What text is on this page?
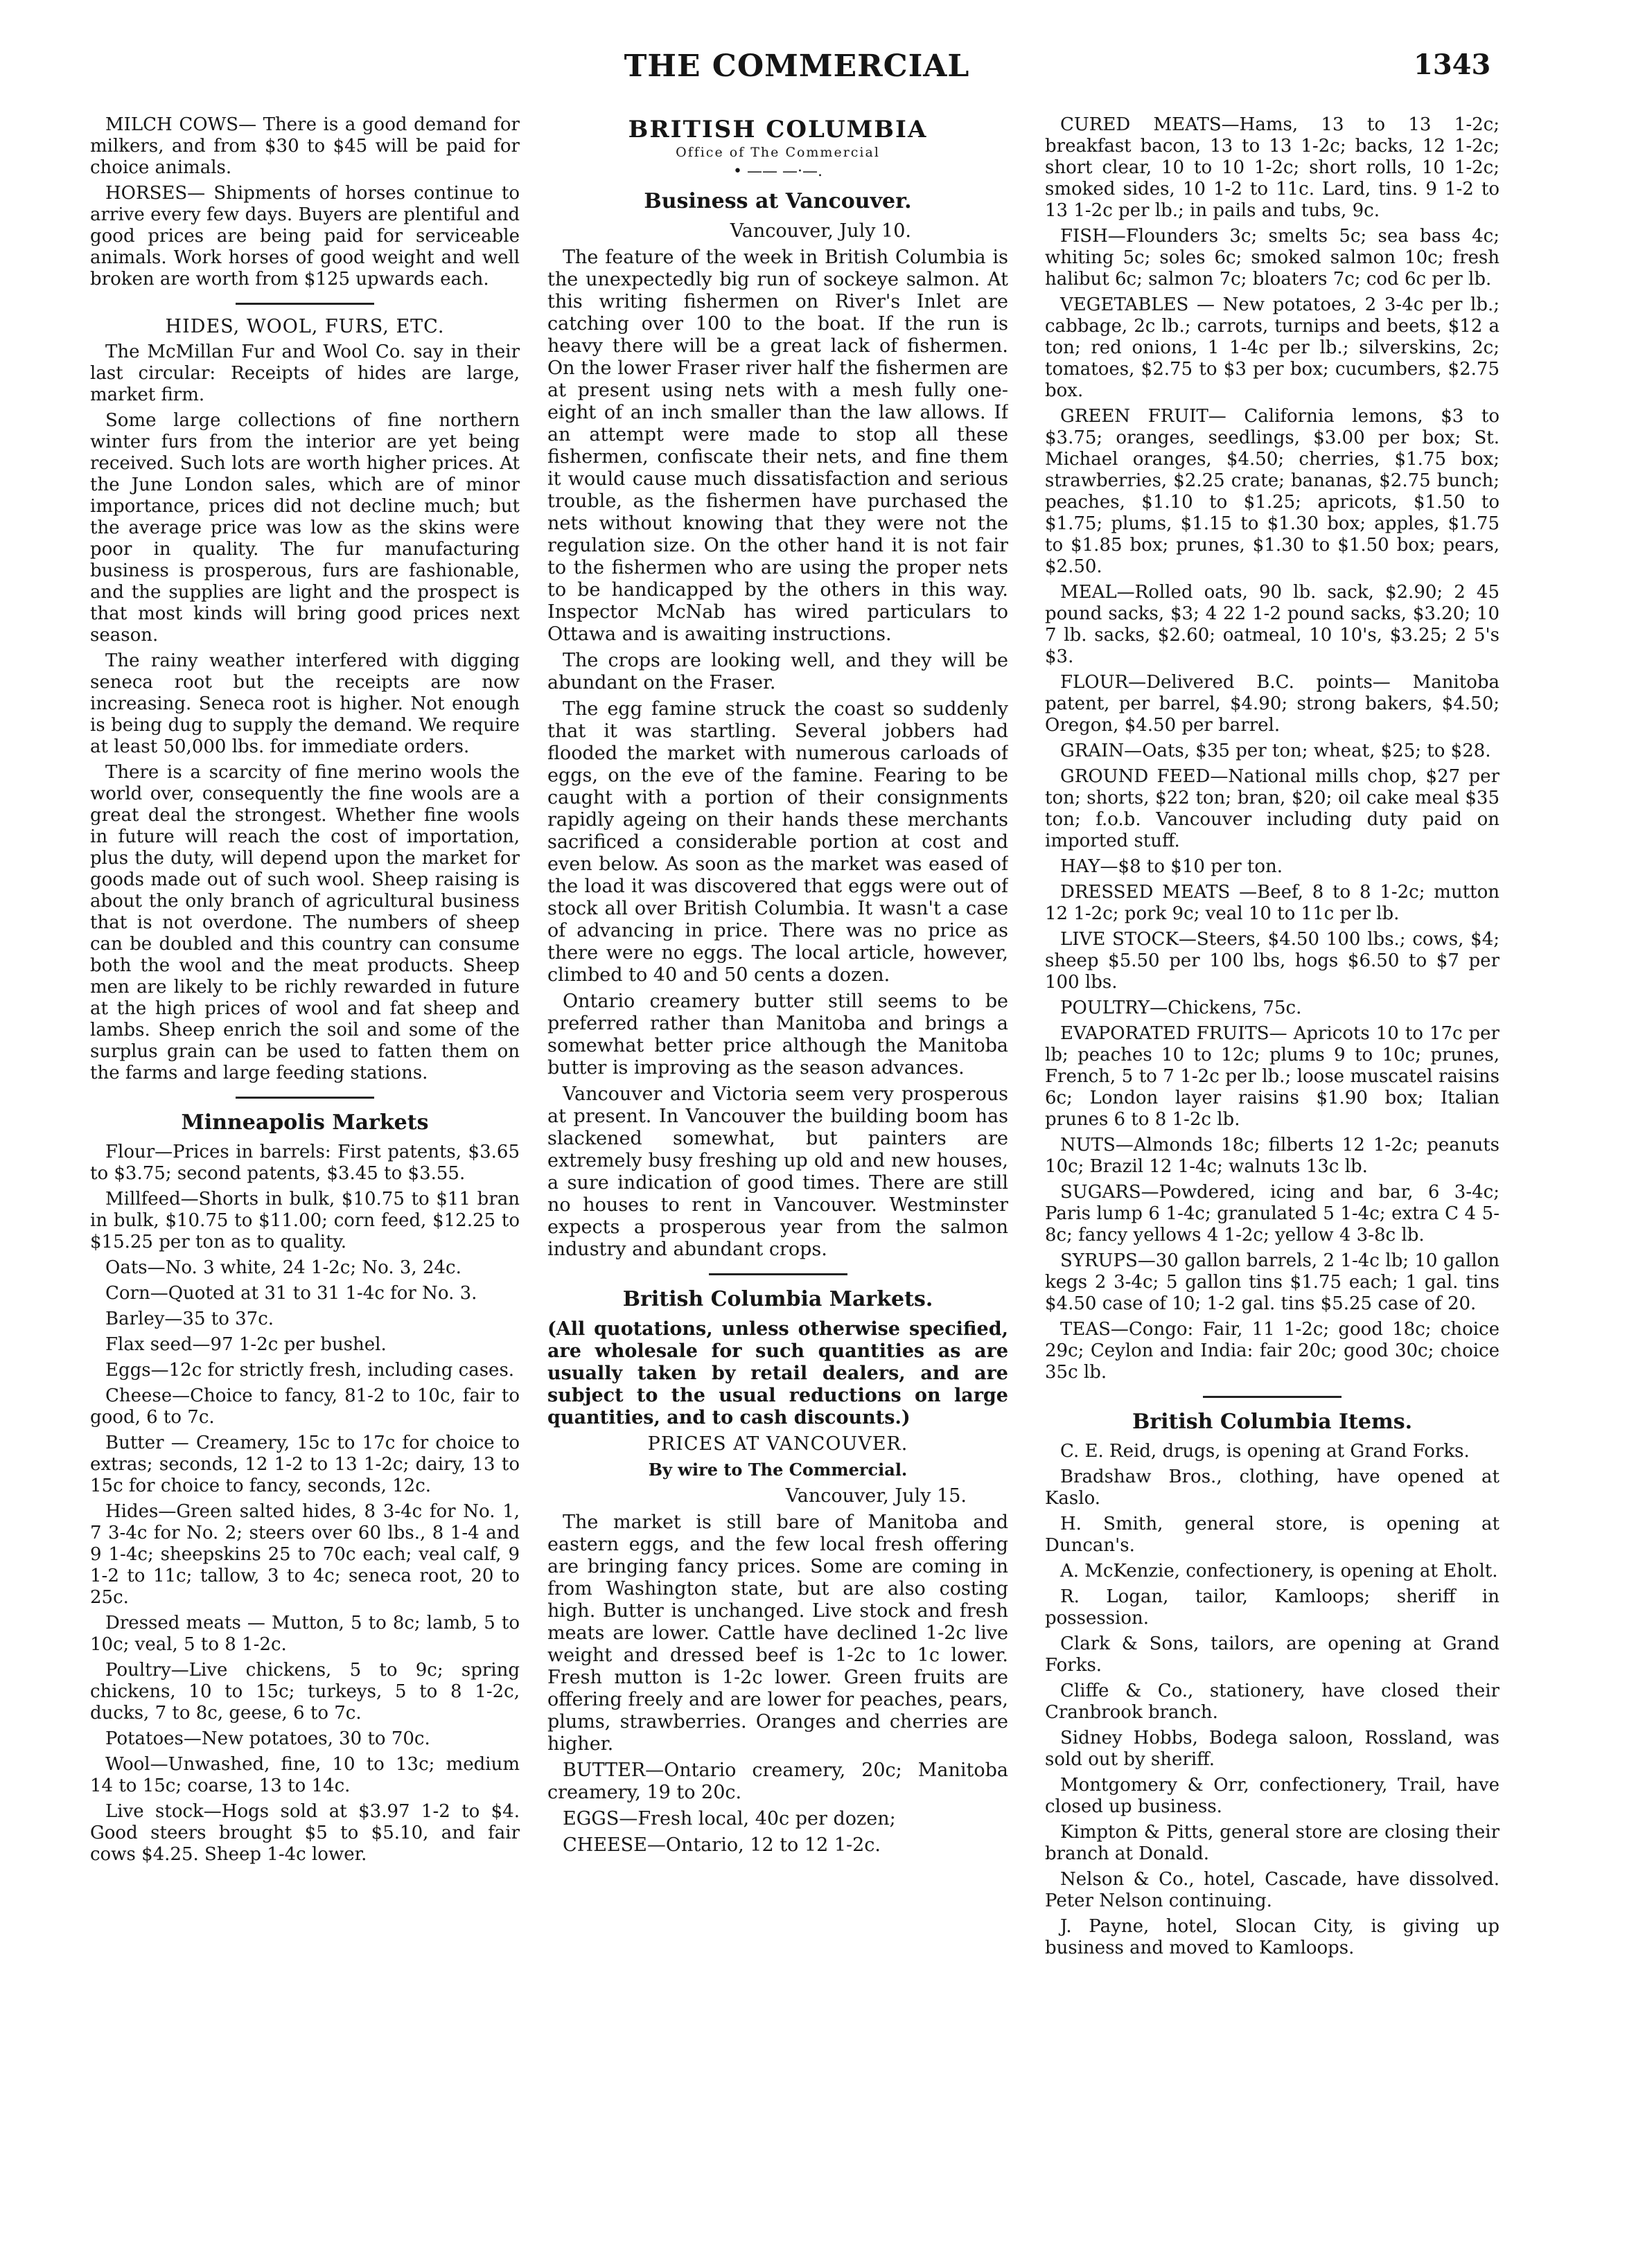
THE COMMERCIAL	1343

MILCH COWS— There is a good demand for milkers, and from $30 to $45 will be paid for choice animals.

HORSES— Shipments of horses continue to arrive every few days. Buyers are plentiful and good prices are being paid for serviceable animals. Work horses of good weight and well broken are worth from $125 upwards each.

HIDES, WOOL, FURS, ETC.

The McMillan Fur and Wool Co. say in their last circular: Receipts of hides are large, market firm.

Some large collections of fine northern winter furs from the interior are yet being received. Such lots are worth higher prices. At the June London sales, which are of minor importance, prices did not decline much; but the average price was low as the skins were poor in quality. The fur manufacturing business is prosperous, furs are fashionable, and the supplies are light and the prospect is that most kinds will bring good prices next season.

The rainy weather interfered with digging seneca root but the receipts are now increasing. Seneca root is higher. Not enough is being dug to supply the demand. We require at least 50,000 lbs. for immediate orders.

There is a scarcity of fine merino wools the world over, consequently the fine wools are a great deal the strongest. Whether fine wools in future will reach the cost of importation, plus the duty, will depend upon the market for goods made out of such wool. Sheep raising is about the only branch of agricultural business that is not overdone. The numbers of sheep can be doubled and this country can consume both the wool and the meat products. Sheep men are likely to be richly rewarded in future at the high prices of wool and fat sheep and lambs. Sheep enrich the soil and some of the surplus grain can be used to fatten them on the farms and large feeding stations.

Minneapolis Markets

Flour—Prices in barrels: First patents, $3.65 to $3.75; second patents, $3.45 to $3.55.

Millfeed—Shorts in bulk, $10.75 to $11 bran in bulk, $10.75 to $11.00; corn feed, $12.25 to $15.25 per ton as to quality.

Oats—No. 3 white, 24 1-2c; No. 3, 24c.

Corn—Quoted at 31 to 31 1-4c for No. 3.

Barley—35 to 37c.

Flax seed—97 1-2c per bushel.

Eggs—12c for strictly fresh, including cases.

Cheese—Choice to fancy, 81-2 to 10c, fair to good, 6 to 7c.

Butter — Creamery, 15c to 17c for choice to extras; seconds, 12 1-2 to 13 1-2c; dairy, 13 to 15c for choice to fancy, seconds, 12c.

Hides—Green salted hides, 8 3-4c for No. 1, 7 3-4c for No. 2; steers over 60 lbs., 8 1-4 and 9 1-4c; sheepskins 25 to 70c each; veal calf, 9 1-2 to 11c; tallow, 3 to 4c; seneca root, 20 to 25c.

Dressed meats — Mutton, 5 to 8c; lamb, 5 to 10c; veal, 5 to 8 1-2c.

Poultry—Live chickens, 5 to 9c; spring chickens, 10 to 15c; turkeys, 5 to 8 1-2c, ducks, 7 to 8c, geese, 6 to 7c.

Potatoes—New potatoes, 30 to 70c.

Wool—Unwashed, fine, 10 to 13c; medium 14 to 15c; coarse, 13 to 14c.

Live stock—Hogs sold at $3.97 1-2 to $4. Good steers brought $5 to $5.10, and fair cows $4.25. Sheep 1-4c lower.

BRITISH COLUMBIA
Office of The Commercial
• —— —·—.
Business at Vancouver.

Vancouver, July 10.

The feature of the week in British Columbia is the unexpectedly big run of sockeye salmon. At this writing fishermen on River's Inlet are catching over 100 to the boat. If the run is heavy there will be a great lack of fishermen. On the lower Fraser river half the fishermen are at present using nets with a mesh fully one-eight of an inch smaller than the law allows. If an attempt were made to stop all these fishermen, confiscate their nets, and fine them it would cause much dissatisfaction and serious trouble, as the fishermen have purchased the nets without knowing that they were not the regulation size. On the other hand it is not fair to the fishermen who are using the proper nets to be handicapped by the others in this way. Inspector McNab has wired particulars to Ottawa and is awaiting instructions.

The crops are looking well, and they will be abundant on the Fraser.

The egg famine struck the coast so suddenly that it was startling. Several jobbers had flooded the market with numerous carloads of eggs, on the eve of the famine. Fearing to be caught with a portion of their consignments rapidly ageing on their hands these merchants sacrificed a considerable portion at cost and even below. As soon as the market was eased of the load it was discovered that eggs were out of stock all over British Columbia. It wasn't a case of advancing in price. There was no price as there were no eggs. The local article, however, climbed to 40 and 50 cents a dozen.

Ontario creamery butter still seems to be preferred rather than Manitoba and brings a somewhat better price although the Manitoba butter is improving as the season advances.

Vancouver and Victoria seem very prosperous at present. In Vancouver the building boom has slackened somewhat, but painters are extremely busy freshing up old and new houses, a sure indication of good times. There are still no houses to rent in Vancouver. Westminster expects a prosperous year from the salmon industry and abundant crops.

British Columbia Markets.

(All quotations, unless otherwise specified, are wholesale for such quantities as are usually taken by retail dealers, and are subject to the usual reductions on large quantities, and to cash discounts.)

PRICES AT VANCOUVER.

By wire to The Commercial.

Vancouver, July 15.

The market is still bare of Manitoba and eastern eggs, and the few local fresh offering are bringing fancy prices. Some are coming in from Washington state, but are also costing high. Butter is unchanged. Live stock and fresh meats are lower. Cattle have declined 1-2c live weight and dressed beef is 1-2c to 1c lower. Fresh mutton is 1-2c lower. Green fruits are offering freely and are lower for peaches, pears, plums, strawberries. Oranges and cherries are higher.

BUTTER—Ontario creamery, 20c; Manitoba creamery, 19 to 20c.

EGGS—Fresh local, 40c per dozen;

CHEESE—Ontario, 12 to 12 1-2c.

CURED MEATS—Hams, 13 to 13 1-2c; breakfast bacon, 13 to 13 1-2c; backs, 12 1-2c; short clear, 10 to 10 1-2c; short rolls, 10 1-2c; smoked sides, 10 1-2 to 11c. Lard, tins. 9 1-2 to 13 1-2c per lb.; in pails and tubs, 9c.

FISH—Flounders 3c; smelts 5c; sea bass 4c; whiting 5c; soles 6c; smoked salmon 10c; fresh halibut 6c; salmon 7c; bloaters 7c; cod 6c per lb.

VEGETABLES — New potatoes, 2 3-4c per lb.; cabbage, 2c lb.; carrots, turnips and beets, $12 a ton; red onions, 1 1-4c per lb.; silverskins, 2c; tomatoes, $2.75 to $3 per box; cucumbers, $2.75 box.

GREEN FRUIT— California lemons, $3 to $3.75; oranges, seedlings, $3.00 per box; St. Michael oranges, $4.50; cherries, $1.75 box; strawberries, $2.25 crate; bananas, $2.75 bunch; peaches, $1.10 to $1.25; apricots, $1.50 to $1.75; plums, $1.15 to $1.30 box; apples, $1.75 to $1.85 box; prunes, $1.30 to $1.50 box; pears, $2.50.

MEAL—Rolled oats, 90 lb. sack, $2.90; 2 45 pound sacks, $3; 4 22 1-2 pound sacks, $3.20; 10 7 lb. sacks, $2.60; oatmeal, 10 10's, $3.25; 2 5's $3.

FLOUR—Delivered B.C. points— Manitoba patent, per barrel, $4.90; strong bakers, $4.50; Oregon, $4.50 per barrel.

GRAIN—Oats, $35 per ton; wheat, $25; to $28.

GROUND FEED—National mills chop, $27 per ton; shorts, $22 ton; bran, $20; oil cake meal $35 ton; f.o.b. Vancouver including duty paid on imported stuff.

HAY—$8 to $10 per ton.

DRESSED MEATS —Beef, 8 to 8 1-2c; mutton 12 1-2c; pork 9c; veal 10 to 11c per lb.

LIVE STOCK—Steers, $4.50 100 lbs.; cows, $4; sheep $5.50 per 100 lbs, hogs $6.50 to $7 per 100 lbs.

POULTRY—Chickens, 75c.

EVAPORATED FRUITS— Apricots 10 to 17c per lb; peaches 10 to 12c; plums 9 to 10c; prunes, French, 5 to 7 1-2c per lb.; loose muscatel raisins 6c; London layer raisins $1.90 box; Italian prunes 6 to 8 1-2c lb.

NUTS—Almonds 18c; filberts 12 1-2c; peanuts 10c; Brazil 12 1-4c; walnuts 13c lb.

SUGARS—Powdered, icing and bar, 6 3-4c; Paris lump 6 1-4c; granulated 5 1-4c; extra C 4 5-8c; fancy yellows 4 1-2c; yellow 4 3-8c lb.

SYRUPS—30 gallon barrels, 2 1-4c lb; 10 gallon kegs 2 3-4c; 5 gallon tins $1.75 each; 1 gal. tins $4.50 case of 10; 1-2 gal. tins $5.25 case of 20.

TEAS—Congo: Fair, 11 1-2c; good 18c; choice 29c; Ceylon and India: fair 20c; good 30c; choice 35c lb.

British Columbia Items.

C. E. Reid, drugs, is opening at Grand Forks.

Bradshaw Bros., clothing, have opened at Kaslo.

H. Smith, general store, is opening at Duncan's.

A. McKenzie, confectionery, is opening at Eholt.

R. Logan, tailor, Kamloops; sheriff in possession.

Clark & Sons, tailors, are opening at Grand Forks.

Cliffe & Co., stationery, have closed their Cranbrook branch.

Sidney Hobbs, Bodega saloon, Rossland, was sold out by sheriff.

Montgomery & Orr, confectionery, Trail, have closed up business.

Kimpton & Pitts, general store are closing their branch at Donald.

Nelson & Co., hotel, Cascade, have dissolved. Peter Nelson continuing.

J. Payne, hotel, Slocan City, is giving up business and moved to Kamloops.
